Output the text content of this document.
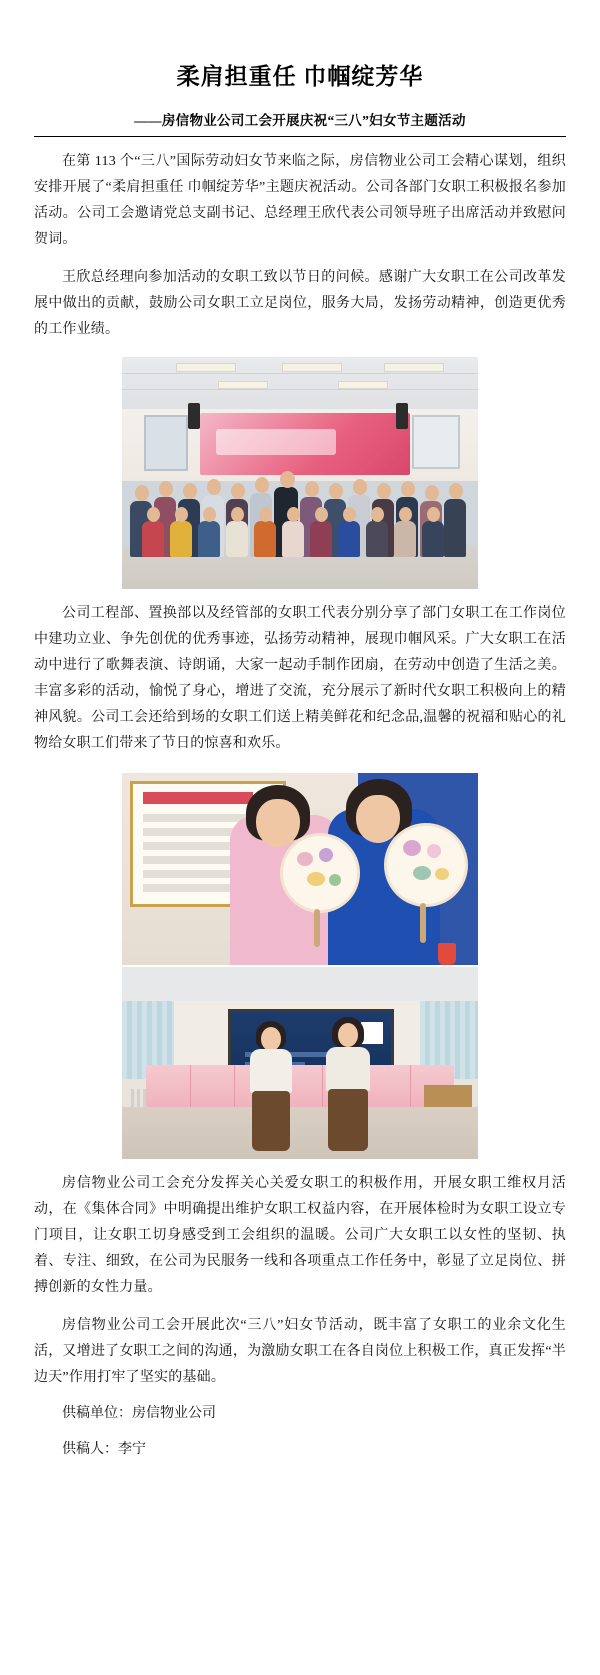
柔肩担重任 巾帼绽芳华
——房信物业公司工会开展庆祝“三八”妇女节主题活动

在第 113 个“三八”国际劳动妇女节来临之际，房信物业公司工会精心谋划，组织安排开展了“柔肩担重任 巾帼绽芳华”主题庆祝活动。公司各部门女职工积极报名参加活动。公司工会邀请党总支副书记、总经理王欣代表公司领导班子出席活动并致慰问贺词。

王欣总经理向参加活动的女职工致以节日的问候。感谢广大女职工在公司改革发展中做出的贡献，鼓励公司女职工立足岗位，服务大局，发扬劳动精神，创造更优秀的工作业绩。

公司工程部、置换部以及经管部的女职工代表分别分享了部门女职工在工作岗位中建功立业、争先创优的优秀事迹，弘扬劳动精神，展现巾帼风采。广大女职工在活动中进行了歌舞表演、诗朗诵，大家一起动手制作团扇，在劳动中创造了生活之美。丰富多彩的活动，愉悦了身心，增进了交流，充分展示了新时代女职工积极向上的精神风貌。公司工会还给到场的女职工们送上精美鲜花和纪念品,温馨的祝福和贴心的礼物给女职工们带来了节日的惊喜和欢乐。

房信物业公司工会充分发挥关心关爱女职工的积极作用，开展女职工维权月活动，在《集体合同》中明确提出维护女职工权益内容，在开展体检时为女职工设立专门项目，让女职工切身感受到工会组织的温暖。公司广大女职工以女性的坚韧、执着、专注、细致，在公司为民服务一线和各项重点工作任务中，彰显了立足岗位、拼搏创新的女性力量。

房信物业公司工会开展此次“三八”妇女节活动，既丰富了女职工的业余文化生活，又增进了女职工之间的沟通，为激励女职工在各自岗位上积极工作，真正发挥“半边天”作用打牢了坚实的基础。

供稿单位：房信物业公司
供稿人：李宁
